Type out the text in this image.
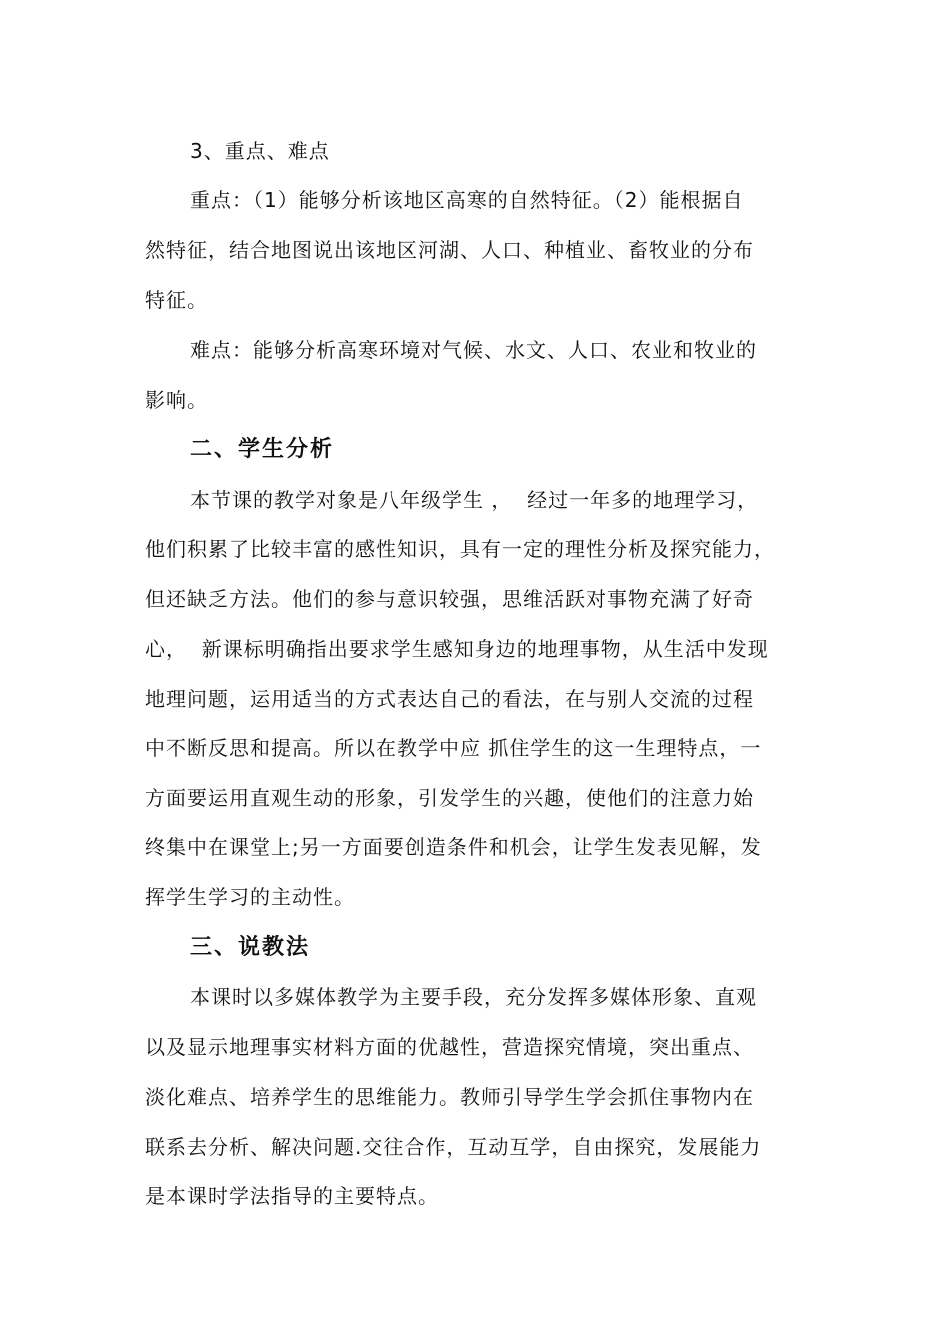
3、重点、难点
重点：（1）能够分析该地区高寒的自然特征。（2）能根据自
然特征，结合地图说出该地区河湖、人口、种植业、畜牧业的分布
特征。
难点：能够分析高寒环境对气候、水文、人口、农业和牧业的
影响。
二、学生分析
本节课的教学对象是八年级学生 ，  经过一年多的地理学习，
他们积累了比较丰富的感性知识，具有一定的理性分析及探究能力，
但还缺乏方法。他们的参与意识较强，思维活跃对事物充满了好奇
心，  新课标明确指出要求学生感知身边的地理事物，从生活中发现
地理问题，运用适当的方式表达自己的看法，在与别人交流的过程
中不断反思和提高。所以在教学中应 抓住学生的这一生理特点，一
方面要运用直观生动的形象，引发学生的兴趣，使他们的注意力始
终集中在课堂上;另一方面要创造条件和机会，让学生发表见解，发
挥学生学习的主动性。
三、说教法
本课时以多媒体教学为主要手段，充分发挥多媒体形象、直观
以及显示地理事实材料方面的优越性，营造探究情境，突出重点、
淡化难点、培养学生的思维能力。教师引导学生学会抓住事物内在
联系去分析、解决问题.交往合作，互动互学，自由探究，发展能力
是本课时学法指导的主要特点。
